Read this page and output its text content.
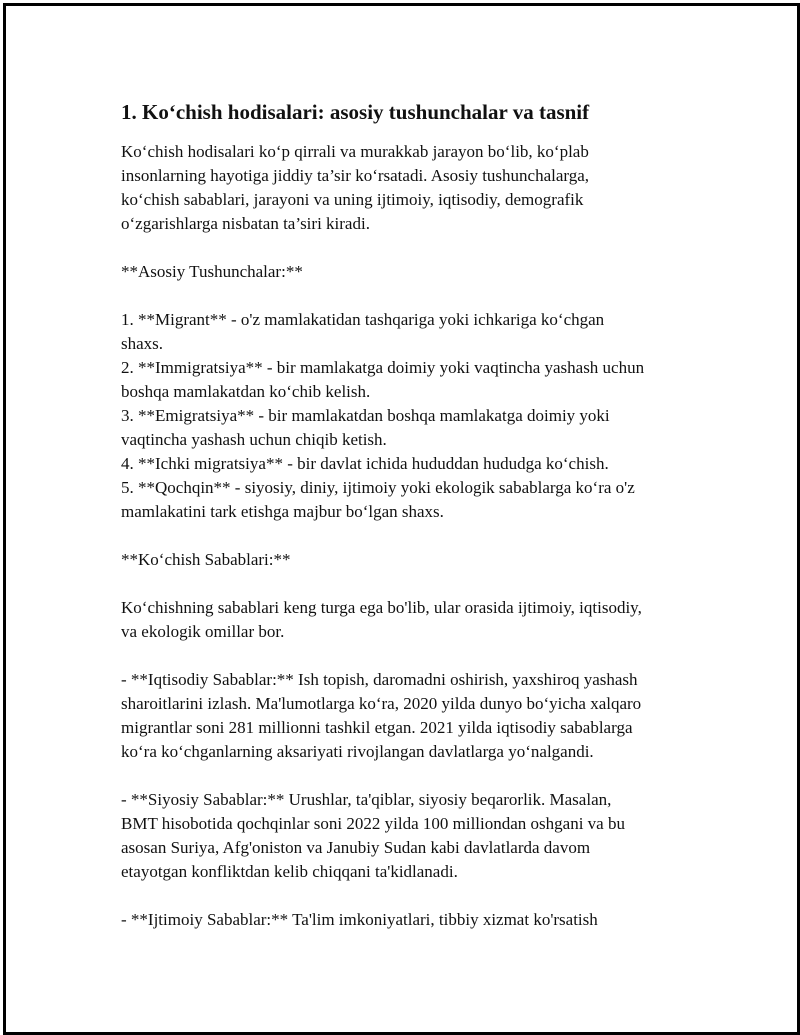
1. Ko‘chish hodisalari: asosiy tushunchalar va tasnif

Ko‘chish hodisalari ko‘p qirrali va murakkab jarayon bo‘lib, ko‘plab
insonlarning hayotiga jiddiy ta’sir ko‘rsatadi. Asosiy tushunchalarga,
ko‘chish sabablari, jarayoni va uning ijtimoiy, iqtisodiy, demografik
o‘zgarishlarga nisbatan ta’siri kiradi.

**Asosiy Tushunchalar:**

1. **Migrant** - o'z mamlakatidan tashqariga yoki ichkariga ko‘chgan
shaxs.

2. **Immigratsiya** - bir mamlakatga doimiy yoki vaqtincha yashash uchun
boshqa mamlakatdan ko‘chib kelish.

3. **Emigratsiya** - bir mamlakatdan boshqa mamlakatga doimiy yoki
vaqtincha yashash uchun chiqib ketish.

4. **Ichki migratsiya** - bir davlat ichida hududdan hududga ko‘chish.

5. **Qochqin** - siyosiy, diniy, ijtimoiy yoki ekologik sabablarga ko‘ra o'z
mamlakatini tark etishga majbur bo‘lgan shaxs.

**Ko‘chish Sabablari:**

Ko‘chishning sabablari keng turga ega bo'lib, ular orasida ijtimoiy, iqtisodiy,
va ekologik omillar bor.

- **Iqtisodiy Sabablar:** Ish topish, daromadni oshirish, yaxshiroq yashash
sharoitlarini izlash. Ma'lumotlarga ko‘ra, 2020 yilda dunyo bo‘yicha xalqaro
migrantlar soni 281 millionni tashkil etgan. 2021 yilda iqtisodiy sabablarga
ko‘ra ko‘chganlarning aksariyati rivojlangan davlatlarga yo‘nalgandi.

- **Siyosiy Sabablar:** Urushlar, ta'qiblar, siyosiy beqarorlik. Masalan,
BMT hisobotida qochqinlar soni 2022 yilda 100 milliondan oshgani va bu
asosan Suriya, Afg'oniston va Janubiy Sudan kabi davlatlarda davom
etayotgan konfliktdan kelib chiqqani ta'kidlanadi.

- **Ijtimoiy Sabablar:** Ta'lim imkoniyatlari, tibbiy xizmat ko'rsatish
